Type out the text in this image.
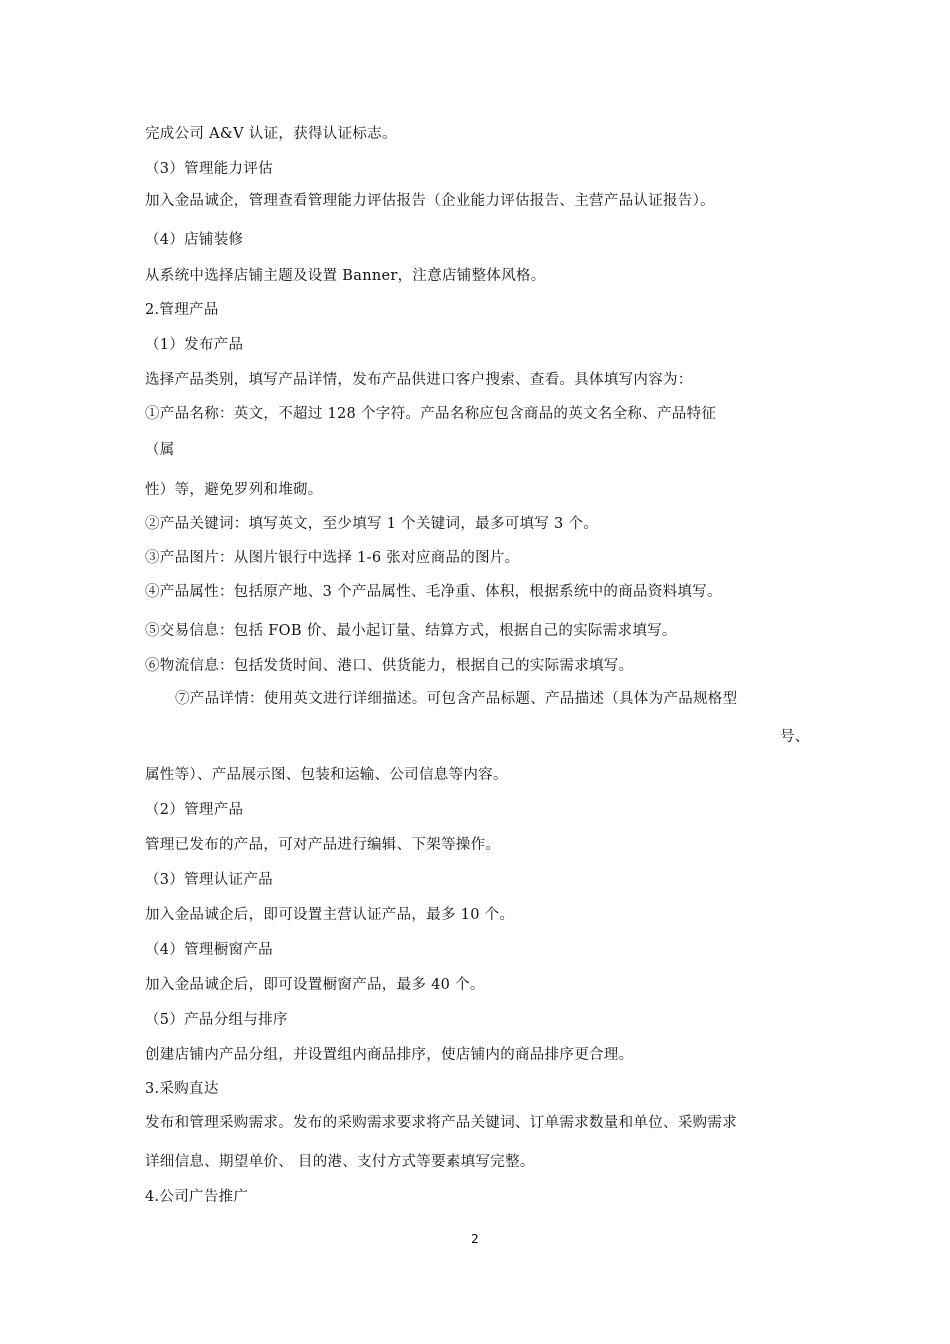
完成公司 A&V 认证，获得认证标志。
（3）管理能力评估
加入金品诚企，管理查看管理能力评估报告（企业能力评估报告、主营产品认证报告）。
（4）店铺装修
从系统中选择店铺主题及设置 Banner，注意店铺整体风格。
2.管理产品
（1）发布产品
选择产品类别，填写产品详情，发布产品供进口客户搜索、查看。具体填写内容为：
①产品名称：英文，不超过 128 个字符。产品名称应包含商品的英文名全称、产品特征
（属
性）等，避免罗列和堆砌。
②产品关键词：填写英文，至少填写 1 个关键词，最多可填写 3 个。
③产品图片：从图片银行中选择 1-6 张对应商品的图片。
④产品属性：包括原产地、3 个产品属性、毛净重、体积，根据系统中的商品资料填写。
⑤交易信息：包括 FOB 价、最小起订量、结算方式，根据自己的实际需求填写。
⑥物流信息：包括发货时间、港口、供货能力，根据自己的实际需求填写。
⑦产品详情：使用英文进行详细描述。可包含产品标题、产品描述（具体为产品规格型
号、
属性等）、产品展示图、包装和运输、公司信息等内容。
（2）管理产品
管理已发布的产品，可对产品进行编辑、下架等操作。
（3）管理认证产品
加入金品诚企后，即可设置主营认证产品，最多 10 个。
（4）管理橱窗产品
加入金品诚企后，即可设置橱窗产品，最多 40 个。
（5）产品分组与排序
创建店铺内产品分组，并设置组内商品排序，使店铺内的商品排序更合理。
3.采购直达
发布和管理采购需求。发布的采购需求要求将产品关键词、订单需求数量和单位、采购需求
详细信息、期望单价、 目的港、支付方式等要素填写完整。
4.公司广告推广
2
